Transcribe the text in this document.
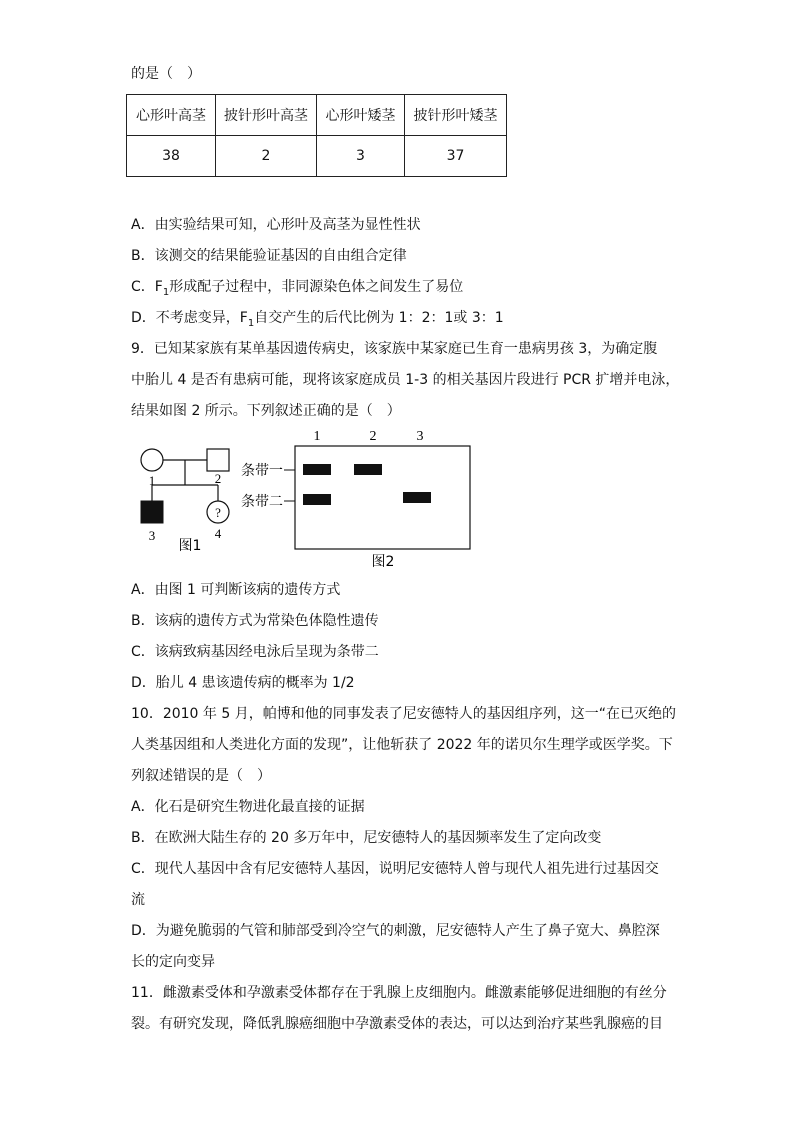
的是（　）
心形叶高茎	披针形叶高茎	心形叶矮茎	披针形叶矮茎
38	2	3	37
A．由实验结果可知，心形叶及高茎为显性性状
B．该测交的结果能验证基因的自由组合定律
C．$F_1$形成配子过程中，非同源染色体之间发生了易位
D．不考虑变异，$F_1$自交产生的后代比例为 1：2：1或 3：1
9．已知某家族有某单基因遗传病史，该家族中某家庭已生育一患病男孩 3，为确定腹
中胎儿 4 是否有患病可能，现将该家庭成员 1-3 的相关基因片段进行 PCR 扩增并电泳，
结果如图 2 所示。下列叙述正确的是（　）
?
1	2
3	4
图1
1	2	3
条带一
条带二
图2
A．由图 1 可判断该病的遗传方式
B．该病的遗传方式为常染色体隐性遗传
C．该病致病基因经电泳后呈现为条带二
D．胎儿 4 患该遗传病的概率为 1/2
10．2010 年 5 月，帕博和他的同事发表了尼安德特人的基因组序列，这一“在已灭绝的
人类基因组和人类进化方面的发现”，让他斩获了 2022 年的诺贝尔生理学或医学奖。下
列叙述错误的是（　）
A．化石是研究生物进化最直接的证据
B．在欧洲大陆生存的 20 多万年中，尼安德特人的基因频率发生了定向改变
C．现代人基因中含有尼安德特人基因，说明尼安德特人曾与现代人祖先进行过基因交
流
D．为避免脆弱的气管和肺部受到冷空气的刺激，尼安德特人产生了鼻子宽大、鼻腔深
长的定向变异
11．雌激素受体和孕激素受体都存在于乳腺上皮细胞内。雌激素能够促进细胞的有丝分
裂。有研究发现，降低乳腺癌细胞中孕激素受体的表达，可以达到治疗某些乳腺癌的目
